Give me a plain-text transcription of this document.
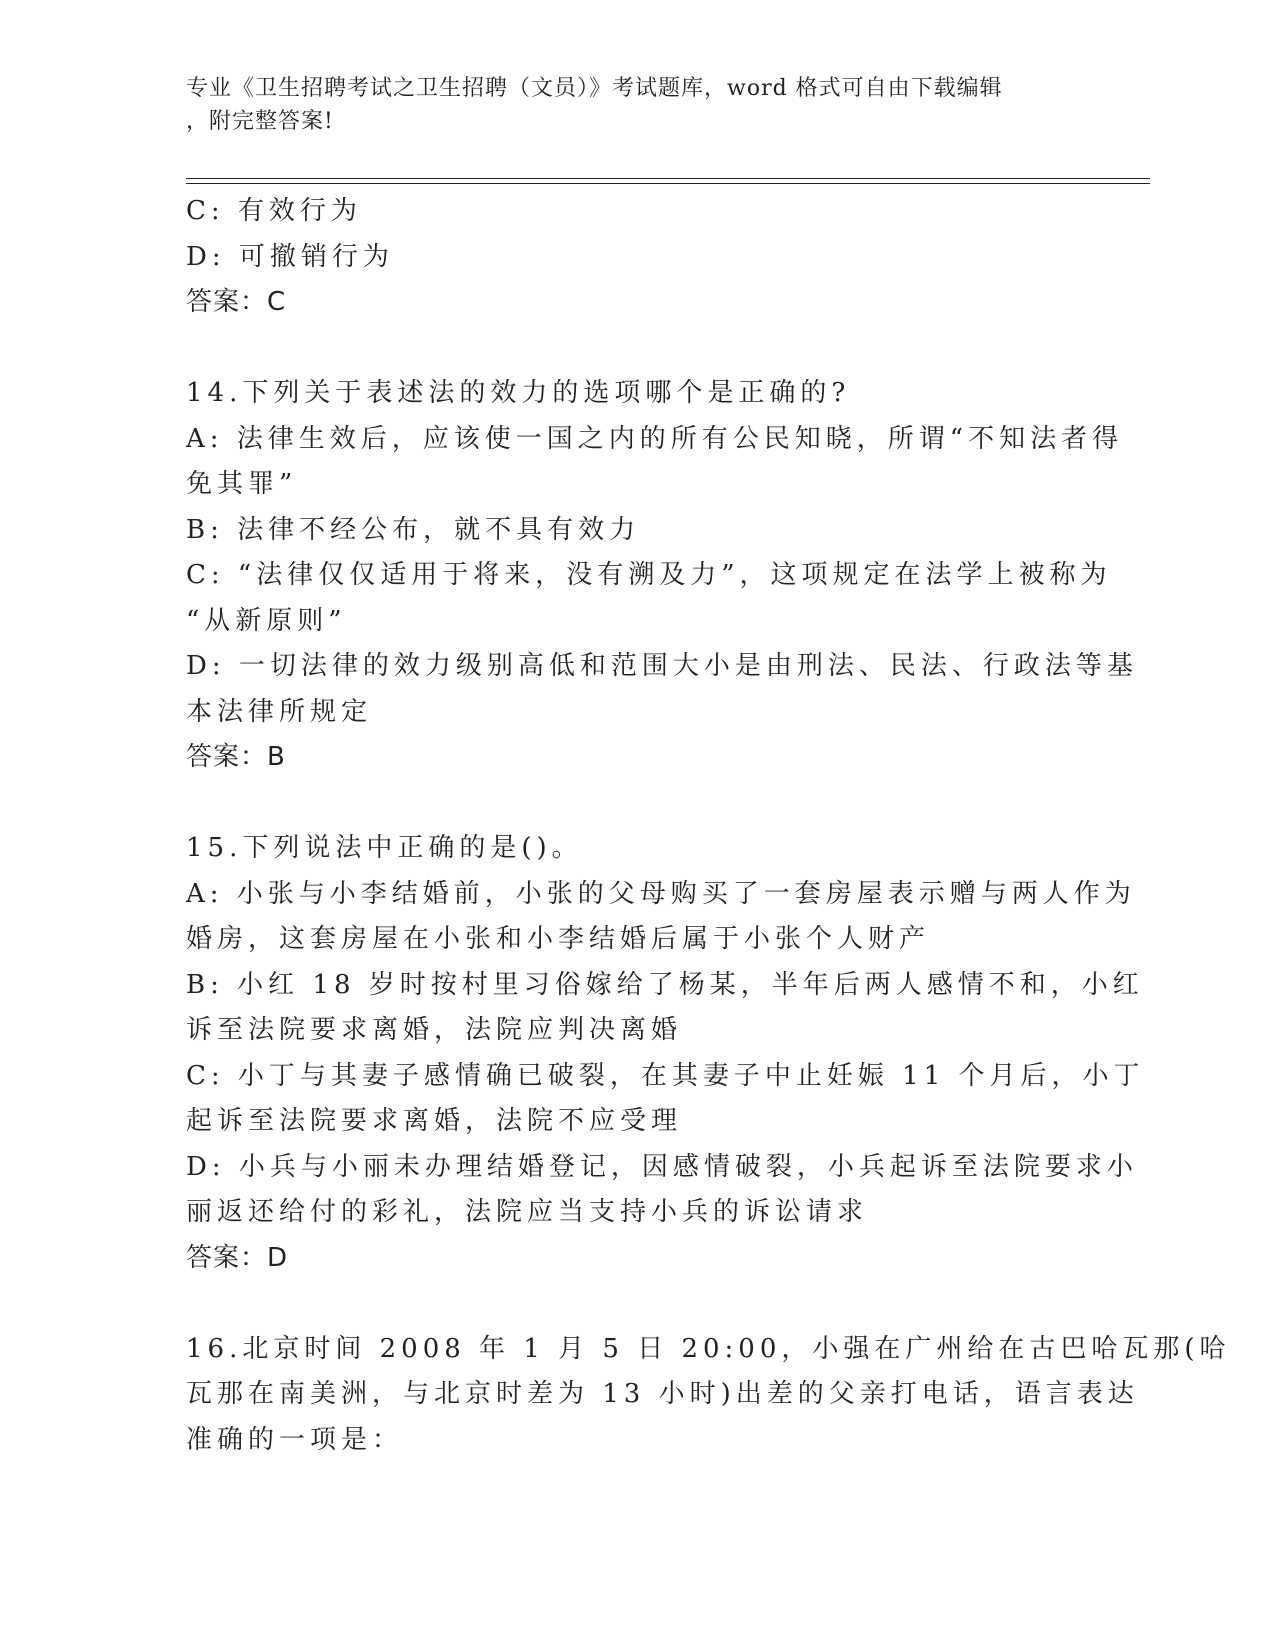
专业《卫生招聘考试之卫生招聘（文员）》考试题库，word 格式可自由下载编辑
，附完整答案!
C: 有效行为
D: 可撤销行为
答案：C
14.下列关于表述法的效力的选项哪个是正确的?
A: 法律生效后，应该使一国之内的所有公民知晓，所谓“不知法者得
免其罪”
B: 法律不经公布，就不具有效力
C: “法律仅仅适用于将来，没有溯及力”，这项规定在法学上被称为
“从新原则”
D: 一切法律的效力级别高低和范围大小是由刑法、民法、行政法等基
本法律所规定
答案：B
15.下列说法中正确的是()。
A: 小张与小李结婚前，小张的父母购买了一套房屋表示赠与两人作为
婚房，这套房屋在小张和小李结婚后属于小张个人财产
B: 小红 18 岁时按村里习俗嫁给了杨某，半年后两人感情不和，小红
诉至法院要求离婚，法院应判决离婚
C: 小丁与其妻子感情确已破裂，在其妻子中止妊娠 11 个月后，小丁
起诉至法院要求离婚，法院不应受理
D: 小兵与小丽未办理结婚登记，因感情破裂，小兵起诉至法院要求小
丽返还给付的彩礼，法院应当支持小兵的诉讼请求
答案：D
16.北京时间 2008 年 1 月 5 日 20:00，小强在广州给在古巴哈瓦那(哈
瓦那在南美洲，与北京时差为 13 小时)出差的父亲打电话，语言表达
准确的一项是：
